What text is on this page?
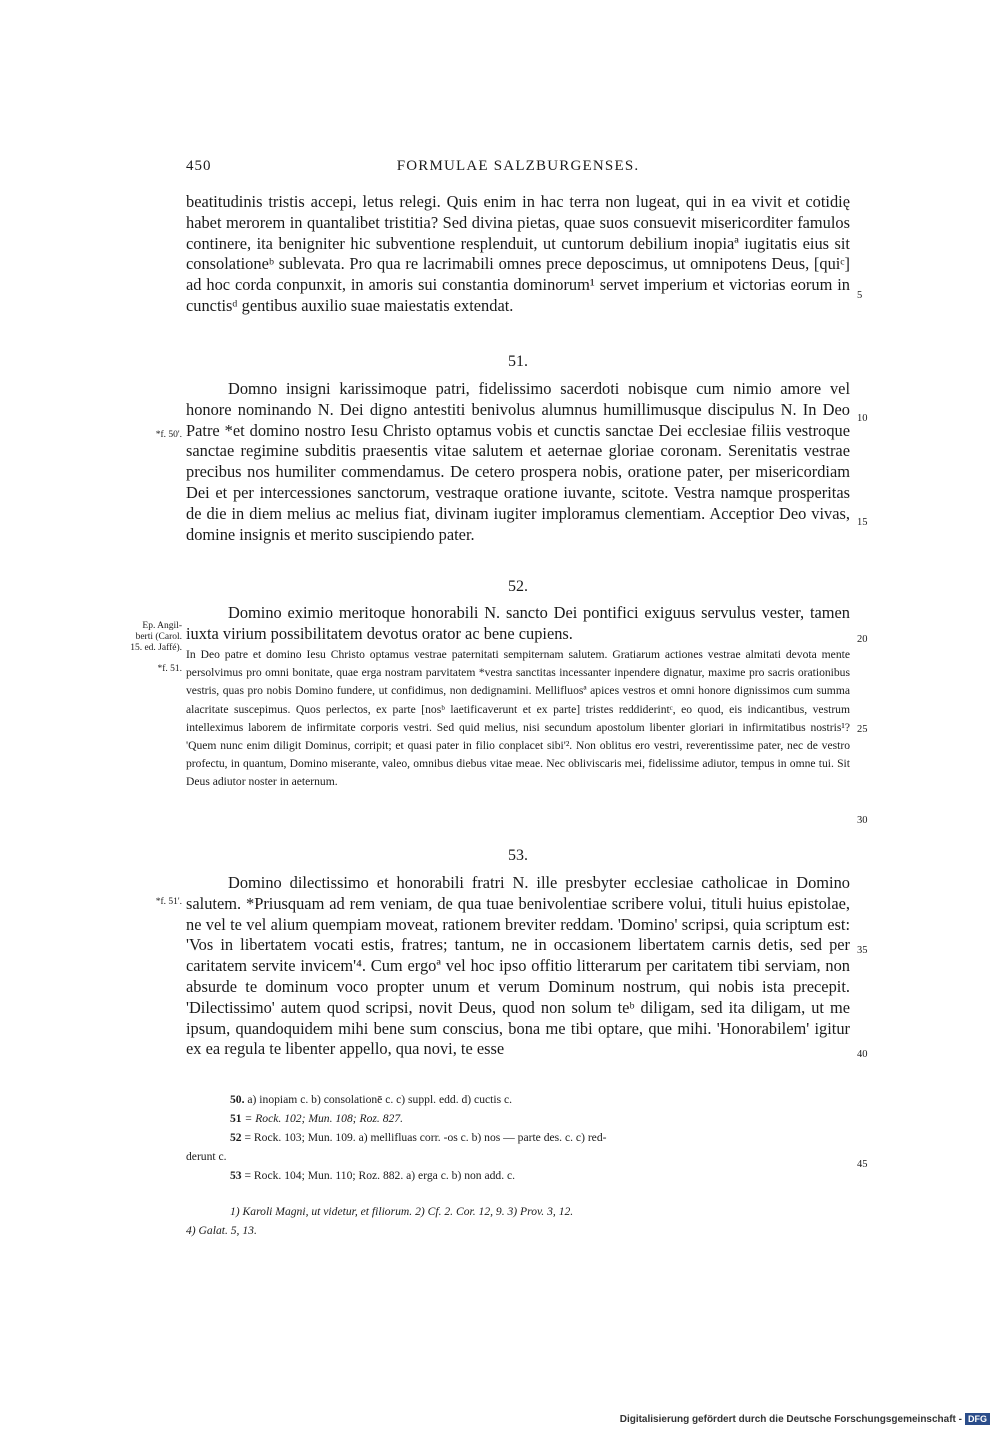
450	FORMULAE SALZBURGENSES.

beatitudinis tristis accepi, letus relegi. Quis enim in hac terra non lugeat, qui in ea vivit et cotidię habet merorem in quantalibet tristitia? Sed divina pietas, quae suos consuevit misericorditer famulos continere, ita benigniter hic subventione resplenduit, ut cuntorum debilium inopiaª iugitatis eius sit consolationeᵇ sublevata. Pro qua re lacrimabili omnes prece deposcimus, ut omnipotens Deus, [quiᶜ] ad hoc corda conpunxit, in amoris sui constantia dominorum¹ servet imperium et victorias eorum in cunctisᵈ gentibus auxilio suae maiestatis extendat.

51.

Domno insigni karissimoque patri, fidelissimo sacerdoti nobisque cum nimio amore vel honore nominando N. Dei digno antestiti benivolus alumnus humillimusque discipulus N. In Deo Patre *et domino nostro Iesu Christo optamus vobis et cunctis sanctae Dei ecclesiae filiis vestroque sanctae regimine subditis praesentis vitae salutem et aeternae gloriae coronam. Serenitatis vestrae precibus nos humiliter commendamus. De cetero prospera nobis, oratione pater, per misericordiam Dei et per intercessiones sanctorum, vestraque oratione iuvante, scitote. Vestra namque prosperitas de die in diem melius ac melius fiat, divinam iugiter imploramus clementiam. Acceptior Deo vivas, domine insignis et merito suscipiendo pater.

52.

Domino eximio meritoque honorabili N. sancto Dei pontifici exiguus servulus vester, tamen iuxta virium possibilitatem devotus orator ac bene cupiens.

In Deo patre et domino Iesu Christo optamus vestrae paternitati sempiternam salutem. Gratiarum actiones vestrae almitati devota mente persolvimus pro omni bonitate, quae erga nostram parvitatem *vestra sanctitas incessanter inpendere dignatur, maxime pro sacris orationibus vestris, quas pro nobis Domino fundere, ut confidimus, non dedignamini. Mellifluosª apices vestros et omni honore dignissimos cum summa alacritate suscepimus. Quos perlectos, ex parte [nosᵇ laetificaverunt et ex parte] tristes reddiderintᶜ, eo quod, eis indicantibus, vestrum intelleximus laborem de infirmitate corporis vestri. Sed quid melius, nisi secundum apostolum libenter gloriari in infirmitatibus nostris¹? 'Quem nunc enim diligit Dominus, corripit; et quasi pater in filio conplacet sibi'². Non oblitus ero vestri, reverentissime pater, nec de vestro profectu, in quantum, Domino miserante, valeo, omnibus diebus vitae meae. Nec obliviscaris mei, fidelissime adiutor, tempus in omne tui. Sit Deus adiutor noster in aeternum.

53.

Domino dilectissimo et honorabili fratri N. ille presbyter ecclesiae catholicae in Domino salutem. *Priusquam ad rem veniam, de qua tuae benivolentiae scribere volui, tituli huius epistolae, ne vel te vel alium quempiam moveat, rationem breviter reddam. 'Domino' scripsi, quia scriptum est: 'Vos in libertatem vocati estis, fratres; tantum, ne in occasionem libertatem carnis detis, sed per caritatem servite invicem'⁴. Cum ergoª vel hoc ipso offitio litterarum per caritatem tibi serviam, non absurde te dominum voco propter unum et verum Dominum nostrum, qui nobis ista precepit. 'Dilectissimo' autem quod scripsi, novit Deus, quod non solum teᵇ diligam, sed ita diligam, ut me ipsum, quandoquidem mihi bene sum conscius, bona me tibi optare, que mihi. 'Honorabilem' igitur ex ea regula te libenter appello, qua novi, te esse

*f. 50'.
Ep. Angil-
berti (Carol.
15. ed. Jaffé).
*f. 51.
*f. 51'.
5
10
15
20
25
30
35
40
45
50. a) inopiam c. b) consolationē c. c) suppl. edd. d) cuctis c.
51 = Rock. 102; Mun. 108; Roz. 827.
52 = Rock. 103; Mun. 109. a) mellifluas corr. -os c. b) nos — parte des. c. c) red-
derunt c.
53 = Rock. 104; Mun. 110; Roz. 882. a) erga c. b) non add. c.
1) Karoli Magni, ut videtur, et filiorum. 2) Cf. 2. Cor. 12, 9. 3) Prov. 3, 12.
4) Galat. 5, 13.
Digitalisierung gefördert durch die Deutsche Forschungsgemeinschaft - DFG
